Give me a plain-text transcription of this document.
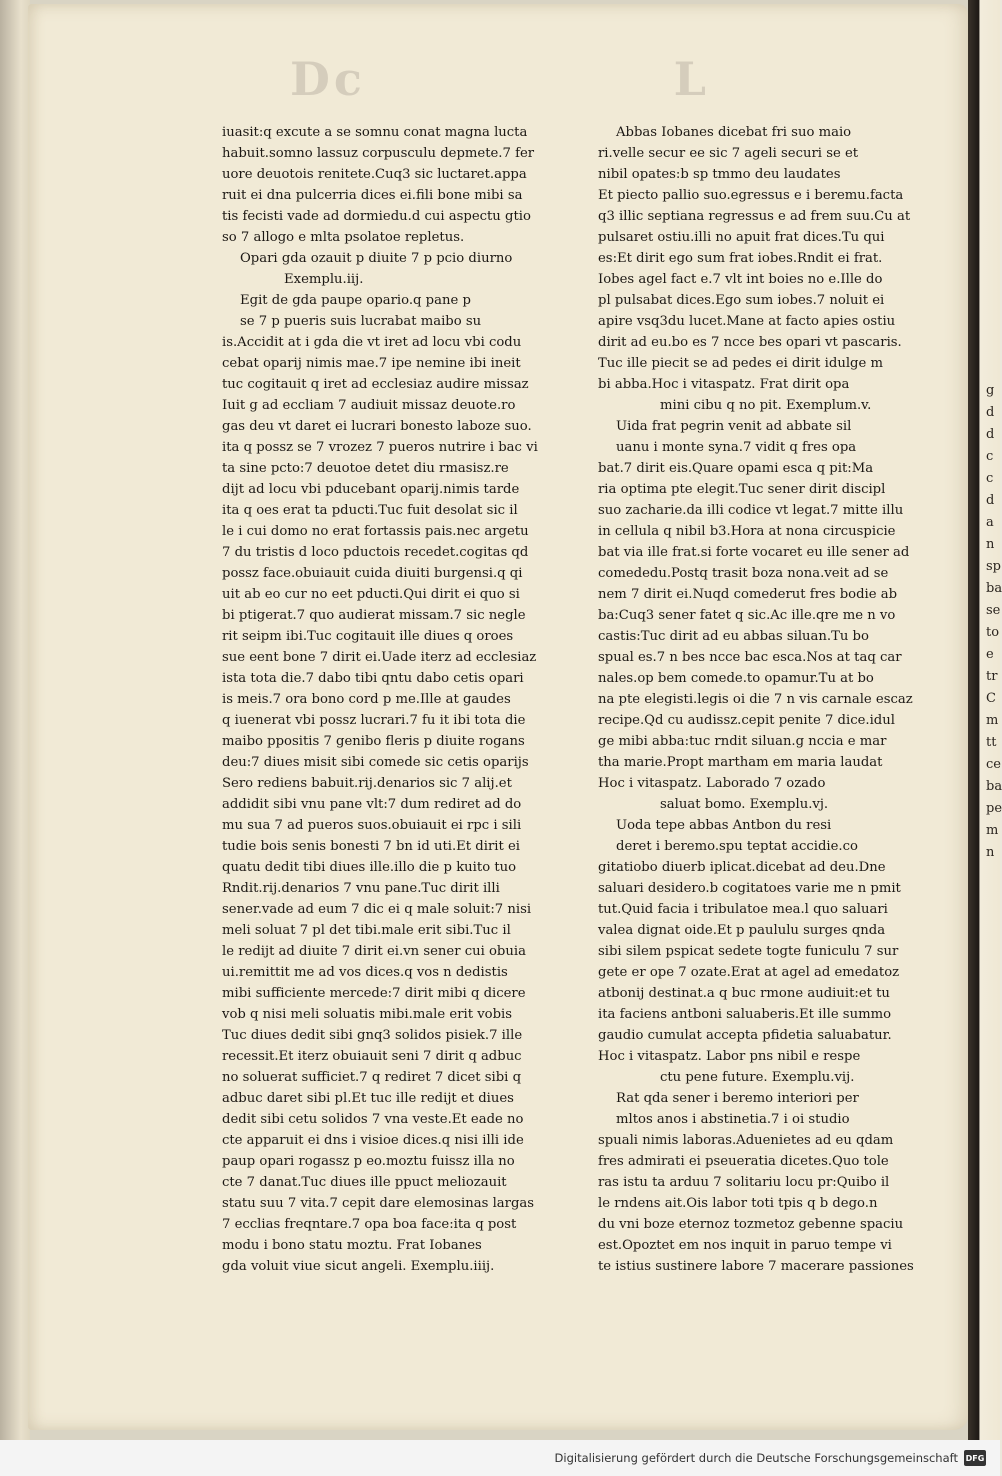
Dc	L
iuasit:q excute a se somnu conat magna lucta
habuit.somno lassuz corpusculu depmete.7 fer
uore deuotois renitete.Cuq3 sic luctaret.appa
ruit ei dna pulcerria dices ei.fili bone mibi sa
tis fecisti vade ad dormiedu.d cui aspectu gtio
so 7 allogo e mlta psolatoe repletus.
Opari gda ozauit p diuite 7 p pcio diurno
Exemplu.iij.
Egit de gda paupe opario.q pane p
se 7 p pueris suis lucrabat maibo su
is.Accidit at i gda die vt iret ad locu vbi codu
cebat oparij nimis mae.7 ipe nemine ibi ineit
tuc cogitauit q iret ad ecclesiaz audire missaz
Iuit g ad eccliam 7 audiuit missaz deuote.ro
gas deu vt daret ei lucrari bonesto laboze suo.
ita q possz se 7 vrozez 7 pueros nutrire i bac vi
ta sine pcto:7 deuotoe detet diu rmasisz.re
dijt ad locu vbi pducebant oparij.nimis tarde
ita q oes erat ta pducti.Tuc fuit desolat sic il
le i cui domo no erat fortassis pais.nec argetu
7 du tristis d loco pductois recedet.cogitas qd
possz face.obuiauit cuida diuiti burgensi.q qi
uit ab eo cur no eet pducti.Qui dirit ei quo si
bi ptigerat.7 quo audierat missam.7 sic negle
rit seipm ibi.Tuc cogitauit ille diues q oroes
sue eent bone 7 dirit ei.Uade iterz ad ecclesiaz
ista tota die.7 dabo tibi qntu dabo cetis opari
is meis.7 ora bono cord p me.Ille at gaudes
q iuenerat vbi possz lucrari.7 fu it ibi tota die
maibo ppositis 7 genibo fleris p diuite rogans
deu:7 diues misit sibi comede sic cetis oparijs
Sero rediens babuit.rij.denarios sic 7 alij.et
addidit sibi vnu pane vlt:7 dum rediret ad do
mu sua 7 ad pueros suos.obuiauit ei rpc i sili
tudie bois senis bonesti 7 bn id uti.Et dirit ei
quatu dedit tibi diues ille.illo die p kuito tuo
Rndit.rij.denarios 7 vnu pane.Tuc dirit illi
sener.vade ad eum 7 dic ei q male soluit:7 nisi
meli soluat 7 pl det tibi.male erit sibi.Tuc il
le redijt ad diuite 7 dirit ei.vn sener cui obuia
ui.remittit me ad vos dices.q vos n dedistis
mibi sufficiente mercede:7 dirit mibi q dicere
vob q nisi meli soluatis mibi.male erit vobis
Tuc diues dedit sibi gnq3 solidos pisiek.7 ille
recessit.Et iterz obuiauit seni 7 dirit q adbuc
no soluerat sufficiet.7 q rediret 7 dicet sibi q
adbuc daret sibi pl.Et tuc ille redijt et diues
dedit sibi cetu solidos 7 vna veste.Et eade no
cte apparuit ei dns i visioe dices.q nisi illi ide
paup opari rogassz p eo.moztu fuissz illa no
cte 7 danat.Tuc diues ille ppuct meliozauit
statu suu 7 vita.7 cepit dare elemosinas largas
7 ecclias freqntare.7 opa boa face:ita q post
modu i bono statu moztu. Frat Iobanes
gda voluit viue sicut angeli. Exemplu.iiij.
Abbas Iobanes dicebat fri suo maio
ri.velle secur ee sic 7 ageli securi se et
nibil opates:b sp tmmo deu laudates
Et piecto pallio suo.egressus e i beremu.facta
q3 illic septiana regressus e ad frem suu.Cu at
pulsaret ostiu.illi no apuit frat dices.Tu qui
es:Et dirit ego sum frat iobes.Rndit ei frat.
Iobes agel fact e.7 vlt int boies no e.Ille do
pl pulsabat dices.Ego sum iobes.7 noluit ei
apire vsq3du lucet.Mane at facto apies ostiu
dirit ad eu.bo es 7 ncce bes opari vt pascaris.
Tuc ille piecit se ad pedes ei dirit idulge m
bi abba.Hoc i vitaspatz. Frat dirit opa
mini cibu q no pit. Exemplum.v.
Uida frat pegrin venit ad abbate sil
uanu i monte syna.7 vidit q fres opa
bat.7 dirit eis.Quare opami esca q pit:Ma
ria optima pte elegit.Tuc sener dirit discipl
suo zacharie.da illi codice vt legat.7 mitte illu
in cellula q nibil b3.Hora at nona circuspicie
bat via ille frat.si forte vocaret eu ille sener ad
comededu.Postq trasit boza nona.veit ad se
nem 7 dirit ei.Nuqd comederut fres bodie ab
ba:Cuq3 sener fatet q sic.Ac ille.qre me n vo
castis:Tuc dirit ad eu abbas siluan.Tu bo
spual es.7 n bes ncce bac esca.Nos at taq car
nales.op bem comede.to opamur.Tu at bo
na pte elegisti.legis oi die 7 n vis carnale escaz
recipe.Qd cu audissz.cepit penite 7 dice.idul
ge mibi abba:tuc rndit siluan.g nccia e mar
tha marie.Propt martham em maria laudat
Hoc i vitaspatz. Laborado 7 ozado
saluat bomo. Exemplu.vj.
Uoda tepe abbas Antbon du resi
deret i beremo.spu teptat accidie.co
gitatiobo diuerb iplicat.dicebat ad deu.Dne
saluari desidero.b cogitatoes varie me n pmit
tut.Quid facia i tribulatoe mea.l quo saluari
valea dignat oide.Et p paululu surges qnda
sibi silem pspicat sedete togte funiculu 7 sur
gete er ope 7 ozate.Erat at agel ad emedatoz
atbonij destinat.a q buc rmone audiuit:et tu
ita faciens antboni saluaberis.Et ille summo
gaudio cumulat accepta pfidetia saluabatur.
Hoc i vitaspatz. Labor pns nibil e respe
ctu pene future. Exemplu.vij.
Rat qda sener i beremo interiori per
mltos anos i abstinetia.7 i oi studio
spuali nimis laboras.Aduenietes ad eu qdam
fres admirati ei pseueratia dicetes.Quo tole
ras istu ta arduu 7 solitariu locu pr:Quibo il
le rndens ait.Ois labor toti tpis q b dego.n
du vni boze eternoz tozmetoz gebenne spaciu
est.Opoztet em nos inquit in paruo tempe vi
te istius sustinere labore 7 macerare passiones
g
d
d
c
c
d
a
n
sp
ba
se
to
e
tr
C
m
tt
ce
ba
pe
m
n
Digitalisierung gefördert durch die Deutsche Forschungsgemeinschaft DFG
